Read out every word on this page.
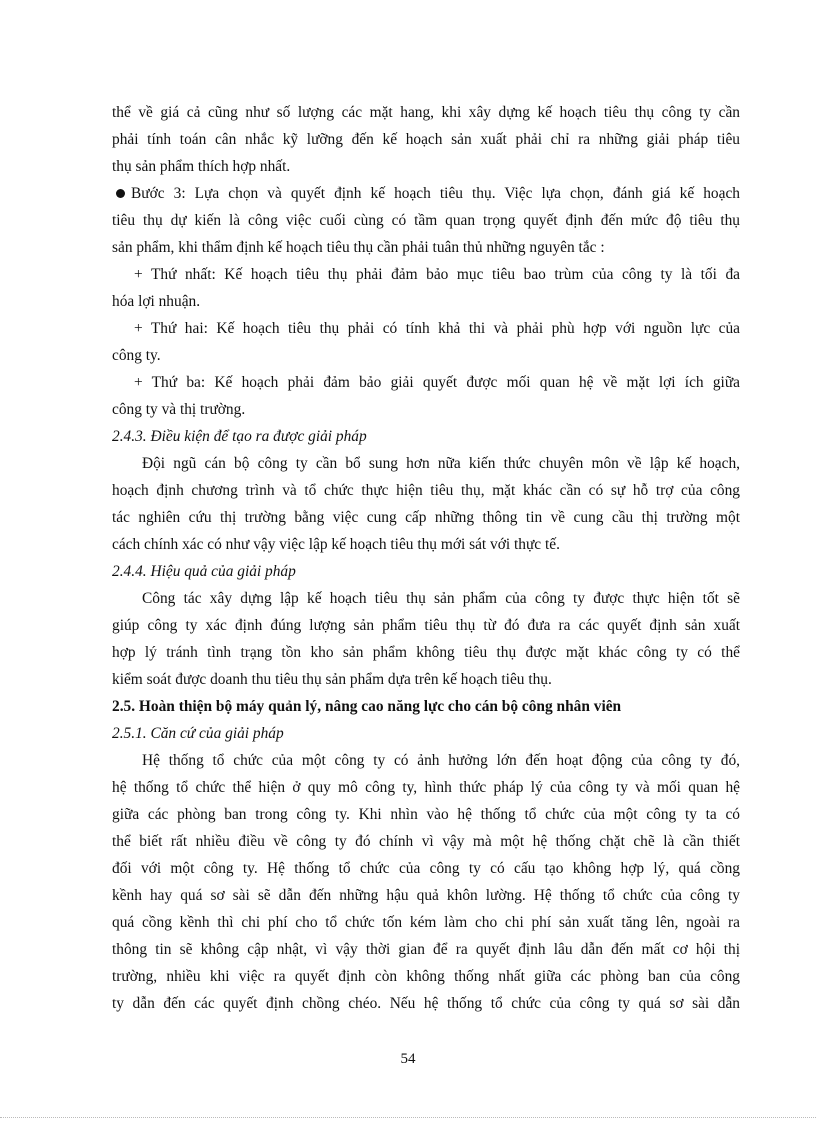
thể về giá cả cũng như số lượng các mặt hang, khi xây dựng kế hoạch tiêu thụ công ty cần
phải tính toán cân nhắc kỹ lưỡng đến kế hoạch sản xuất phải chỉ ra những giải pháp tiêu
thụ sản phẩm thích hợp nhất.
Bước 3: Lựa chọn và quyết định kế hoạch tiêu thụ. Việc lựa chọn, đánh giá kế hoạch
tiêu thụ dự kiến là công việc cuối cùng có tầm quan trọng quyết định đến mức độ tiêu thụ
sản phẩm, khi thẩm định kế hoạch tiêu thụ cần phải tuân thủ những nguyên tắc :
+ Thứ nhất: Kế hoạch tiêu thụ phải đảm bảo mục tiêu bao trùm của công ty là tối đa
hóa lợi nhuận.
+ Thứ hai: Kế hoạch tiêu thụ phải có tính khả thi và phải phù hợp với nguồn lực của
công ty.
+ Thứ ba: Kế hoạch phải đảm bảo giải quyết được mối quan hệ về mặt lợi ích giữa
công ty và thị trường.
2.4.3. Điều kiện để tạo ra được giải pháp
Đội ngũ cán bộ công ty cần bổ sung hơn nữa kiến thức chuyên môn về lập kế hoạch,
hoạch định chương trình và tổ chức thực hiện tiêu thụ, mặt khác cần có sự hỗ trợ của công
tác nghiên cứu thị trường bằng việc cung cấp những thông tin về cung cầu thị trường một
cách chính xác có như vậy việc lập kế hoạch tiêu thụ mới sát với thực tế.
2.4.4. Hiệu quả của giải pháp
Công tác xây dựng lập kế hoạch tiêu thụ sản phẩm của công ty được thực hiện tốt sẽ
giúp công ty xác định đúng lượng sản phẩm tiêu thụ từ đó đưa ra các quyết định sản xuất
hợp lý tránh tình trạng tồn kho sản phẩm không tiêu thụ được mặt khác công ty có thể
kiểm soát được doanh thu tiêu thụ sản phẩm dựa trên kế hoạch tiêu thụ.
2.5. Hoàn thiện bộ máy quản lý, nâng cao năng lực cho cán bộ công nhân viên
2.5.1. Căn cứ của giải pháp
Hệ thống tổ chức của một công ty có ảnh hưởng lớn đến hoạt động của công ty đó,
hệ thống tổ chức thể hiện ở quy mô công ty, hình thức pháp lý của công ty và mối quan hệ
giữa các phòng ban trong công ty. Khi nhìn vào hệ thống tổ chức của một công ty ta có
thể biết rất nhiều điều về công ty đó chính vì vậy mà một hệ thống chặt chẽ là cần thiết
đối với một công ty. Hệ thống tổ chức của công ty có cấu tạo không hợp lý, quá cồng
kềnh hay quá sơ sài sẽ dẫn đến những hậu quả khôn lường. Hệ thống tổ chức của công ty
quá cồng kềnh thì chi phí cho tổ chức tốn kém làm cho chi phí sản xuất tăng lên, ngoài ra
thông tin sẽ không cập nhật, vì vậy thời gian để ra quyết định lâu dẫn đến mất cơ hội thị
trường, nhiều khi việc ra quyết định còn không thống nhất giữa các phòng ban của công
ty dẫn đến các quyết định chồng chéo. Nếu hệ thống tổ chức của công ty quá sơ sài dẫn
54
